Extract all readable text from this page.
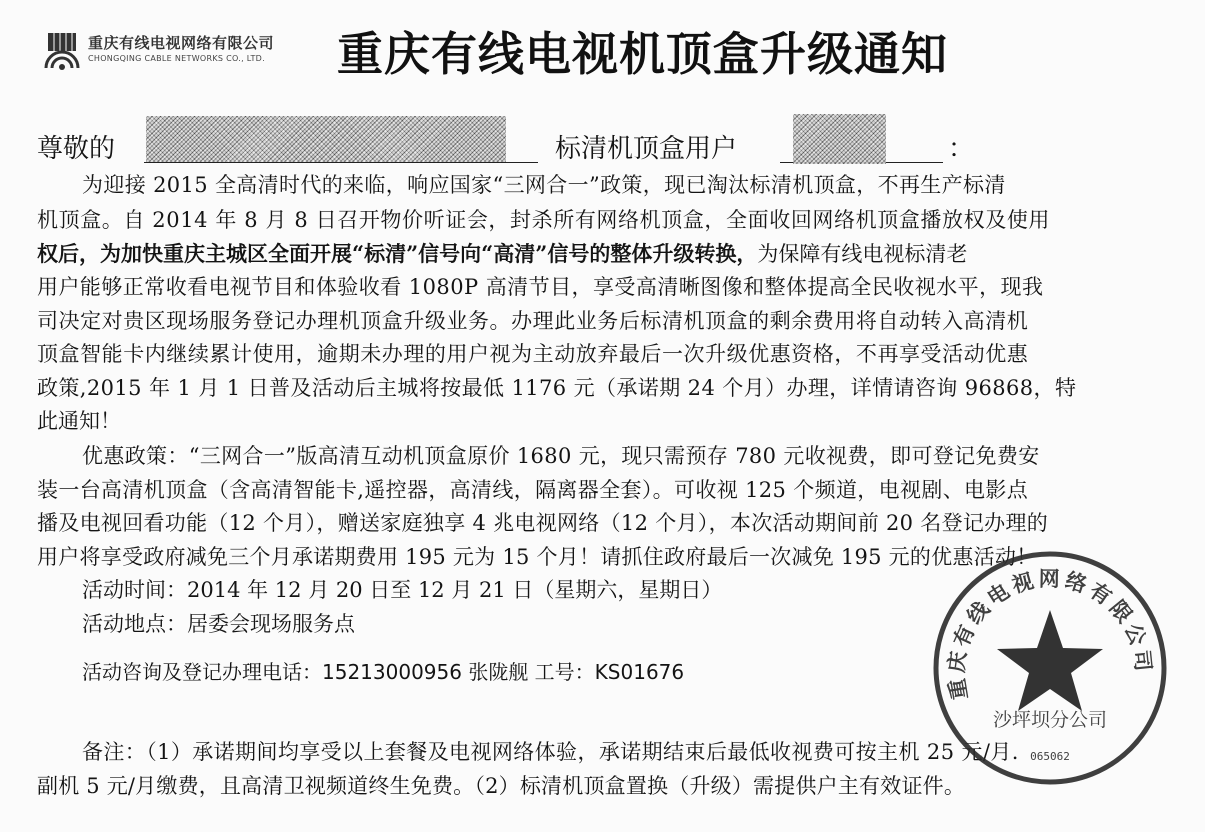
重庆有线电视网络有限公司
CHONGQING CABLE NETWORKS CO., LTD. 重庆有线电视机顶盒升级通知
尊敬的	标清机顶盒用户	：
为迎接 2015 全高清时代的来临，响应国家“三网合一”政策，现已淘汰标清机顶盒，不再生产标清
机顶盒。自 2014 年 8 月 8 日召开物价听证会，封杀所有网络机顶盒，全面收回网络机顶盒播放权及使用
权后，为加快重庆主城区全面开展“标清”信号向“高清”信号的整体升级转换，为保障有线电视标清老
用户能够正常收看电视节目和体验收看 1080P 高清节目，享受高清晰图像和整体提高全民收视水平，现我
司决定对贵区现场服务登记办理机顶盒升级业务。办理此业务后标清机顶盒的剩余费用将自动转入高清机
顶盒智能卡内继续累计使用，逾期未办理的用户视为主动放弃最后一次升级优惠资格，不再享受活动优惠
政策,2015 年 1 月 1 日普及活动后主城将按最低 1176 元（承诺期 24 个月）办理，详情请咨询 96868，特
此通知！
优惠政策：“三网合一”版高清互动机顶盒原价 1680 元，现只需预存 780 元收视费，即可登记免费安
装一台高清机顶盒（含高清智能卡,遥控器，高清线，隔离器全套）。可收视 125 个频道，电视剧、电影点
播及电视回看功能（12 个月），赠送家庭独享 4 兆电视网络（12 个月），本次活动期间前 20 名登记办理的
用户将享受政府减免三个月承诺期费用 195 元为 15 个月！请抓住政府最后一次减免 195 元的优惠活动！
活动时间：2014 年 12 月 20 日至 12 月 21 日（星期六，星期日）
活动地点：居委会现场服务点
活动咨询及登记办理电话：15213000956 张陇舰 工号：KS01676
备注：（1）承诺期间均享受以上套餐及电视网络体验，承诺期结束后最低收视费可按主机 25 元/月.
副机 5 元/月缴费，且高清卫视频道终生免费。（2）标清机顶盒置换（升级）需提供户主有效证件。
重庆有线电视网络有限公司
沙坪坝分公司
065062
